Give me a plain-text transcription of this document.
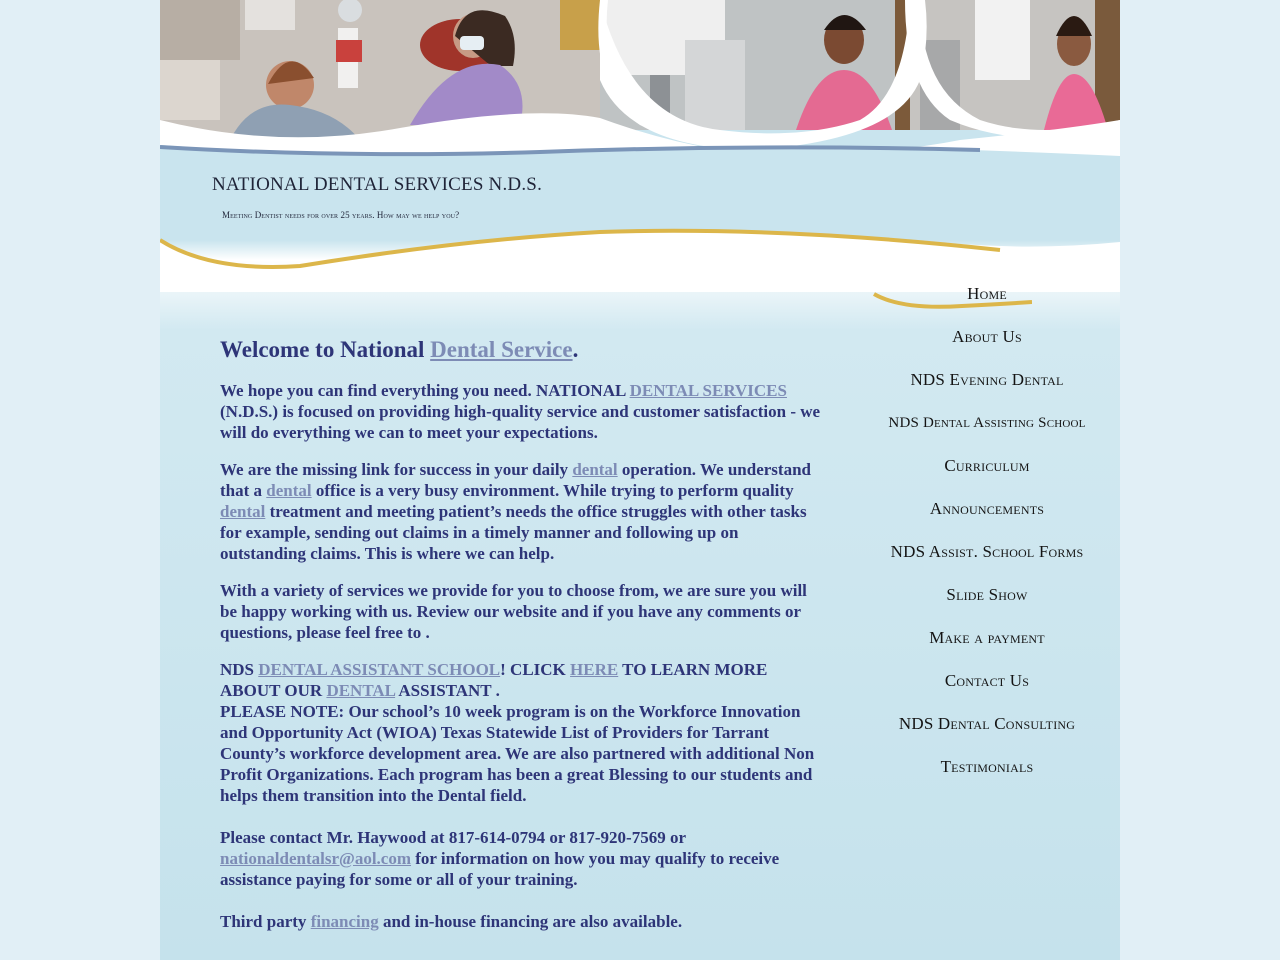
NATIONAL DENTAL SERVICES N.D.S.

Meeting Dentist needs for over 25 years. How may we help you?

Welcome to National Dental Service.

We hope you can find everything you need. NATIONAL DENTAL SERVICES (N.D.S.) is focused on providing high-quality service and customer satisfaction - we will do everything we can to meet your expectations.

We are the missing link for success in your daily dental operation. We understand that a dental office is a very busy environment. While trying to perform quality dental treatment and meeting patient’s needs the office struggles with other tasks for example, sending out claims in a timely manner and following up on outstanding claims. This is where we can help.

With a variety of services we provide for you to choose from, we are sure you will be happy working with us. Review our website and if you have any comments or questions, please feel free to .

NDS DENTAL ASSISTANT SCHOOL! CLICK HERE TO LEARN MORE ABOUT OUR DENTAL ASSISTANT .
PLEASE NOTE: Our school’s 10 week program is on the Workforce Innovation and Opportunity Act (WIOA) Texas Statewide List of Providers for Tarrant County’s workforce development area. We are also partnered with additional Non Profit Organizations. Each program has been a great Blessing to our students and helps them transition into the Dental field.

Please contact Mr. Haywood at 817-614-0794 or 817-920-7569 or nationaldentalsr@aol.com for information on how you may qualify to receive assistance paying for some or all of your training.

Third party financing and in-house financing are also available.

Home
About Us
NDS Evening Dental
NDS Dental Assisting School
Curriculum
Announcements
NDS Assist. School Forms
Slide Show
Make a payment
Contact Us
NDS Dental Consulting
Testimonials
